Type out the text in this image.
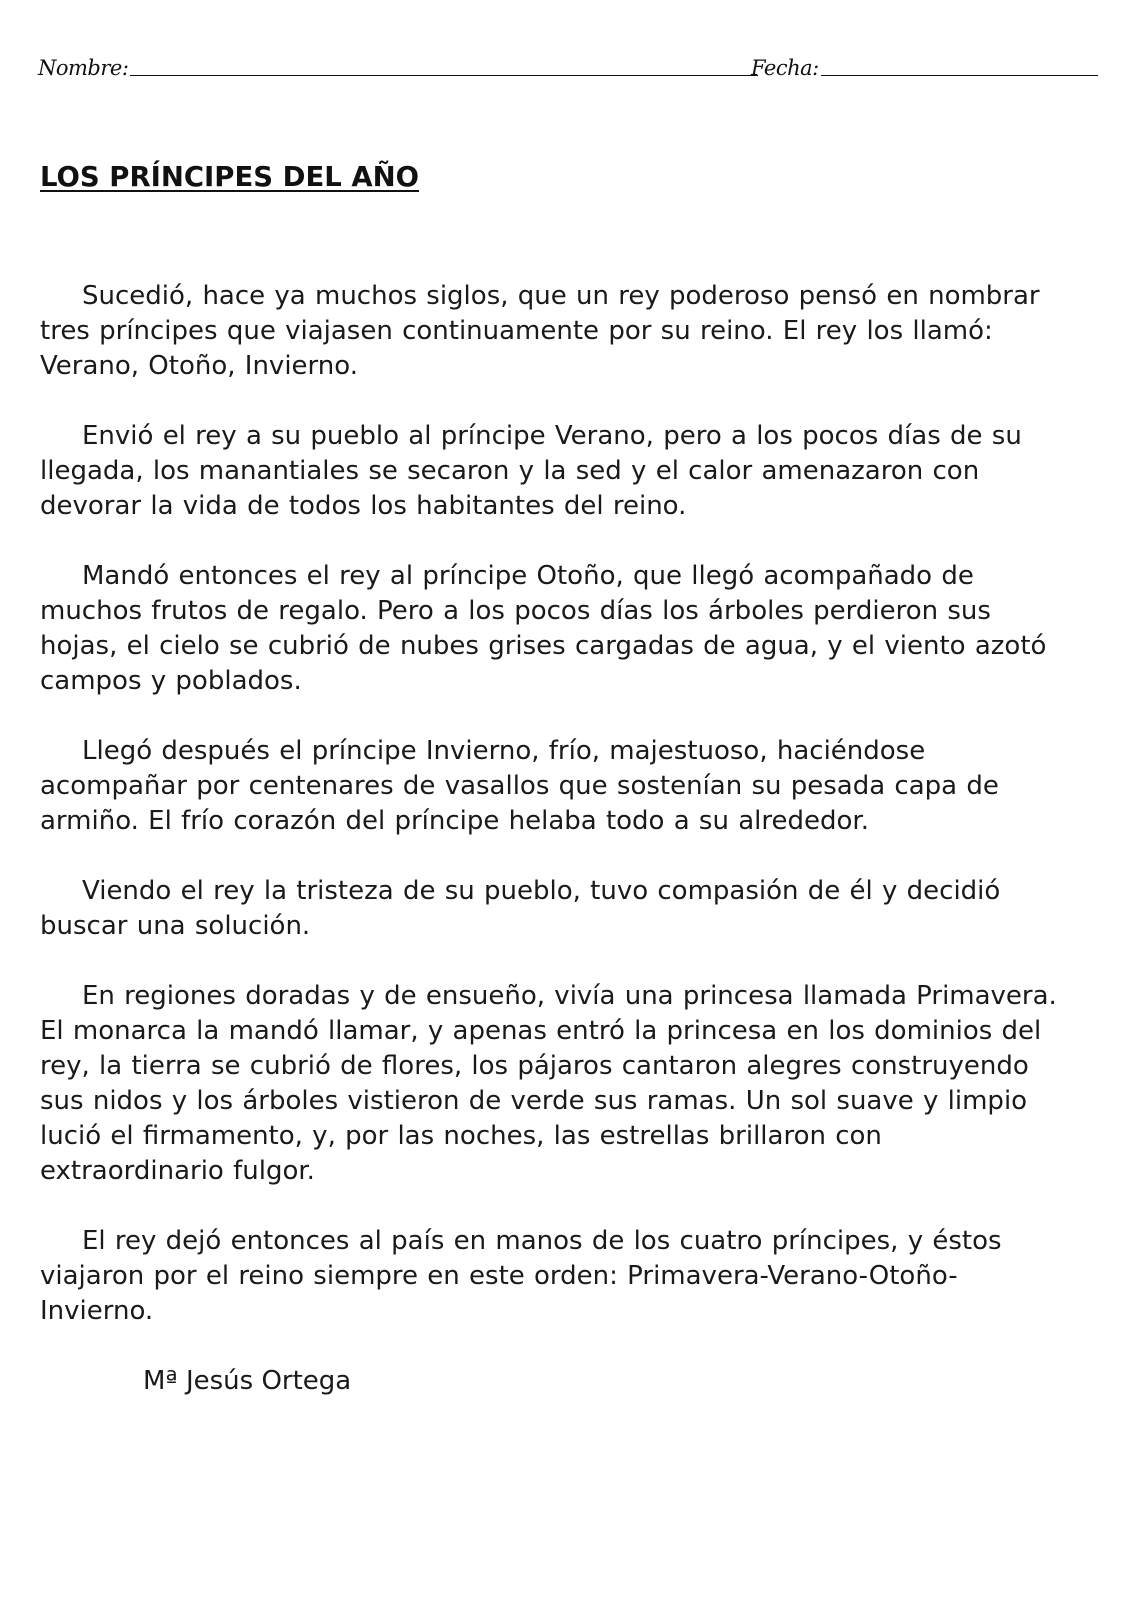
Nombre:	Fecha:
LOS PRÍNCIPES DEL AÑO

Sucedió, hace ya muchos siglos, que un rey poderoso pensó en nombrar tres príncipes que viajasen continuamente por su reino. El rey los llamó: Verano, Otoño, Invierno.

Envió el rey a su pueblo al príncipe Verano, pero a los pocos días de su llegada, los manantiales se secaron y la sed y el calor amenazaron con devorar la vida de todos los habitantes del reino.

Mandó entonces el rey al príncipe Otoño, que llegó acompañado de muchos frutos de regalo. Pero a los pocos días los árboles perdieron sus hojas, el cielo se cubrió de nubes grises cargadas de agua, y el viento azotó campos y poblados.

Llegó después el príncipe Invierno, frío, majestuoso, haciéndose acompañar por centenares de vasallos que sostenían su pesada capa de armiño. El frío corazón del príncipe helaba todo a su alrededor.

Viendo el rey la tristeza de su pueblo, tuvo compasión de él y decidió buscar una solución.

En regiones doradas y de ensueño, vivía una princesa llamada Primavera. El monarca la mandó llamar, y apenas entró la princesa en los dominios del rey, la tierra se cubrió de flores, los pájaros cantaron alegres construyendo sus nidos y los árboles vistieron de verde sus ramas. Un sol suave y limpio lució el firmamento, y, por las noches, las estrellas brillaron con extraordinario fulgor.

El rey dejó entonces al país en manos de los cuatro príncipes, y éstos viajaron por el reino siempre en este orden: Primavera-Verano-Otoño-Invierno.

Mª Jesús Ortega
